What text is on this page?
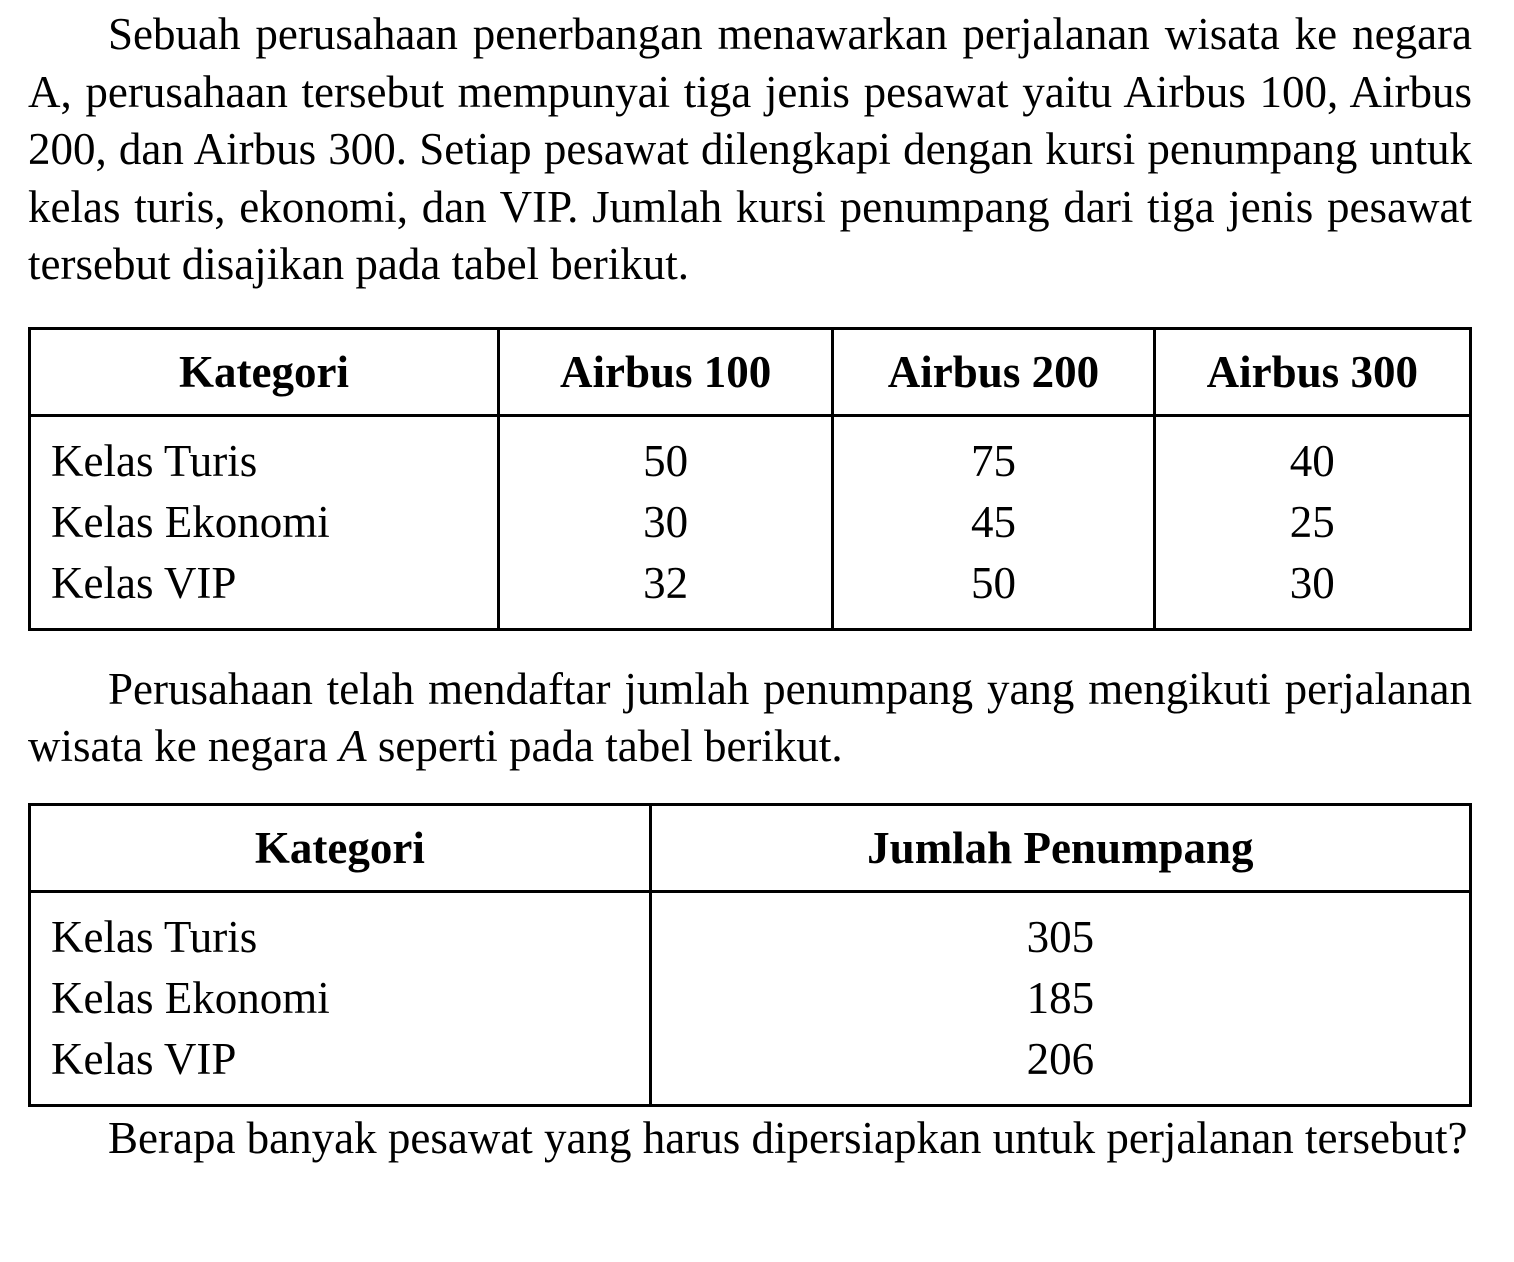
Sebuah perusahaan penerbangan menawarkan perjalanan wisata ke negara A, perusahaan tersebut mempunyai tiga jenis pesawat yaitu Airbus 100, Airbus 200, dan Airbus 300. Setiap pesawat dilengkapi dengan kursi penumpang untuk kelas turis, ekonomi, dan VIP. Jumlah kursi penumpang dari tiga jenis pesawat tersebut disajikan pada tabel berikut.

Kategori	Airbus 100	Airbus 200	Airbus 300
Kelas Turis	50	75	40
Kelas Ekonomi	30	45	25
Kelas VIP	32	50	30

Perusahaan telah mendaftar jumlah penumpang yang mengikuti perjalanan wisata ke negara A seperti pada tabel berikut.

Kategori	Jumlah Penumpang
Kelas Turis	305
Kelas Ekonomi	185
Kelas VIP	206

Berapa banyak pesawat yang harus dipersiapkan untuk perjalanan tersebut?
